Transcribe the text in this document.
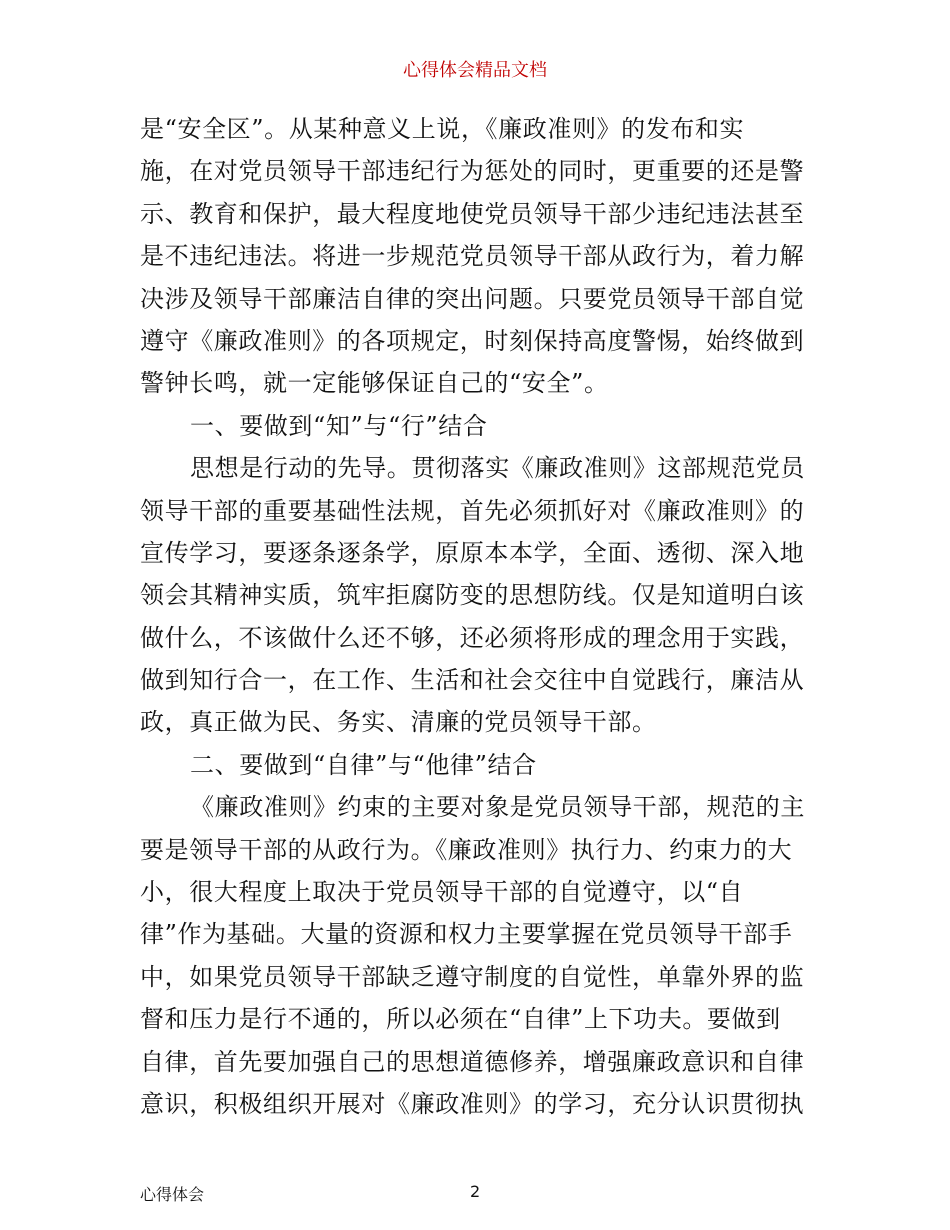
心得体会精品文档
是“安全区”。从某种意义上说，《廉政准则》的发布和实
施，在对党员领导干部违纪行为惩处的同时，更重要的还是警
示、教育和保护，最大程度地使党员领导干部少违纪违法甚至
是不违纪违法。将进一步规范党员领导干部从政行为，着力解
决涉及领导干部廉洁自律的突出问题。只要党员领导干部自觉
遵守《廉政准则》的各项规定，时刻保持高度警惕，始终做到
警钟长鸣，就一定能够保证自己的“安全”。
一、要做到“知”与“行”结合
思想是行动的先导。贯彻落实《廉政准则》这部规范党员
领导干部的重要基础性法规，首先必须抓好对《廉政准则》的
宣传学习，要逐条逐条学，原原本本学，全面、透彻、深入地
领会其精神实质，筑牢拒腐防变的思想防线。仅是知道明白该
做什么，不该做什么还不够，还必须将形成的理念用于实践，
做到知行合一，在工作、生活和社会交往中自觉践行，廉洁从
政，真正做为民、务实、清廉的党员领导干部。
二、要做到“自律”与“他律”结合
《廉政准则》约束的主要对象是党员领导干部，规范的主
要是领导干部的从政行为。《廉政准则》执行力、约束力的大
小，很大程度上取决于党员领导干部的自觉遵守，以“自
律”作为基础。大量的资源和权力主要掌握在党员领导干部手
中，如果党员领导干部缺乏遵守制度的自觉性，单靠外界的监
督和压力是行不通的，所以必须在“自律”上下功夫。要做到
自律，首先要加强自己的思想道德修养，增强廉政意识和自律
意识，积极组织开展对《廉政准则》的学习，充分认识贯彻执
心得体会	2
